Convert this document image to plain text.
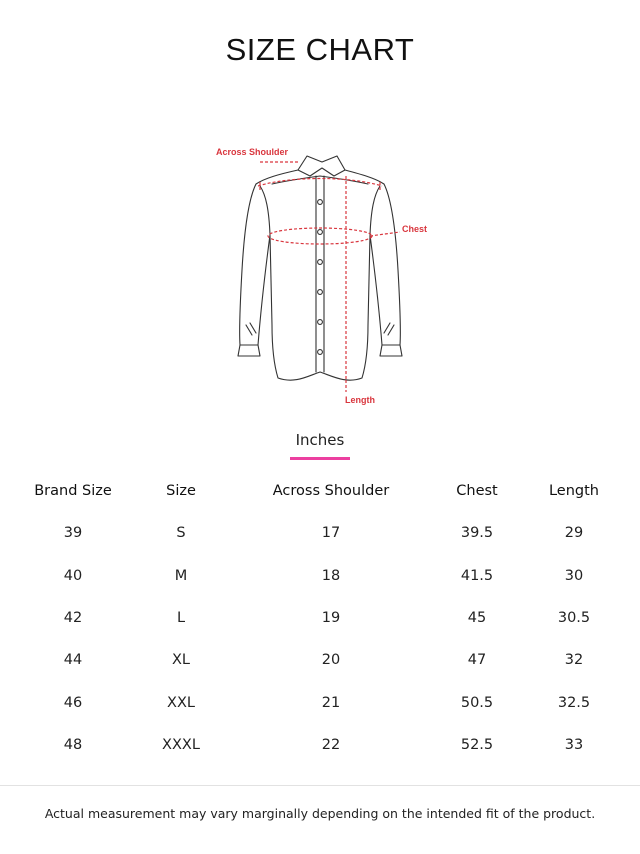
SIZE CHART
Across Shoulder
Chest
Length
Inches
Brand Size	Size	Across Shoulder	Chest	Length
39	S	17	39.5	29
40	M	18	41.5	30
42	L	19	45	30.5
44	XL	20	47	32
46	XXL	21	50.5	32.5
48	XXXL	22	52.5	33
Actual measurement may vary marginally depending on the intended fit of the product.
